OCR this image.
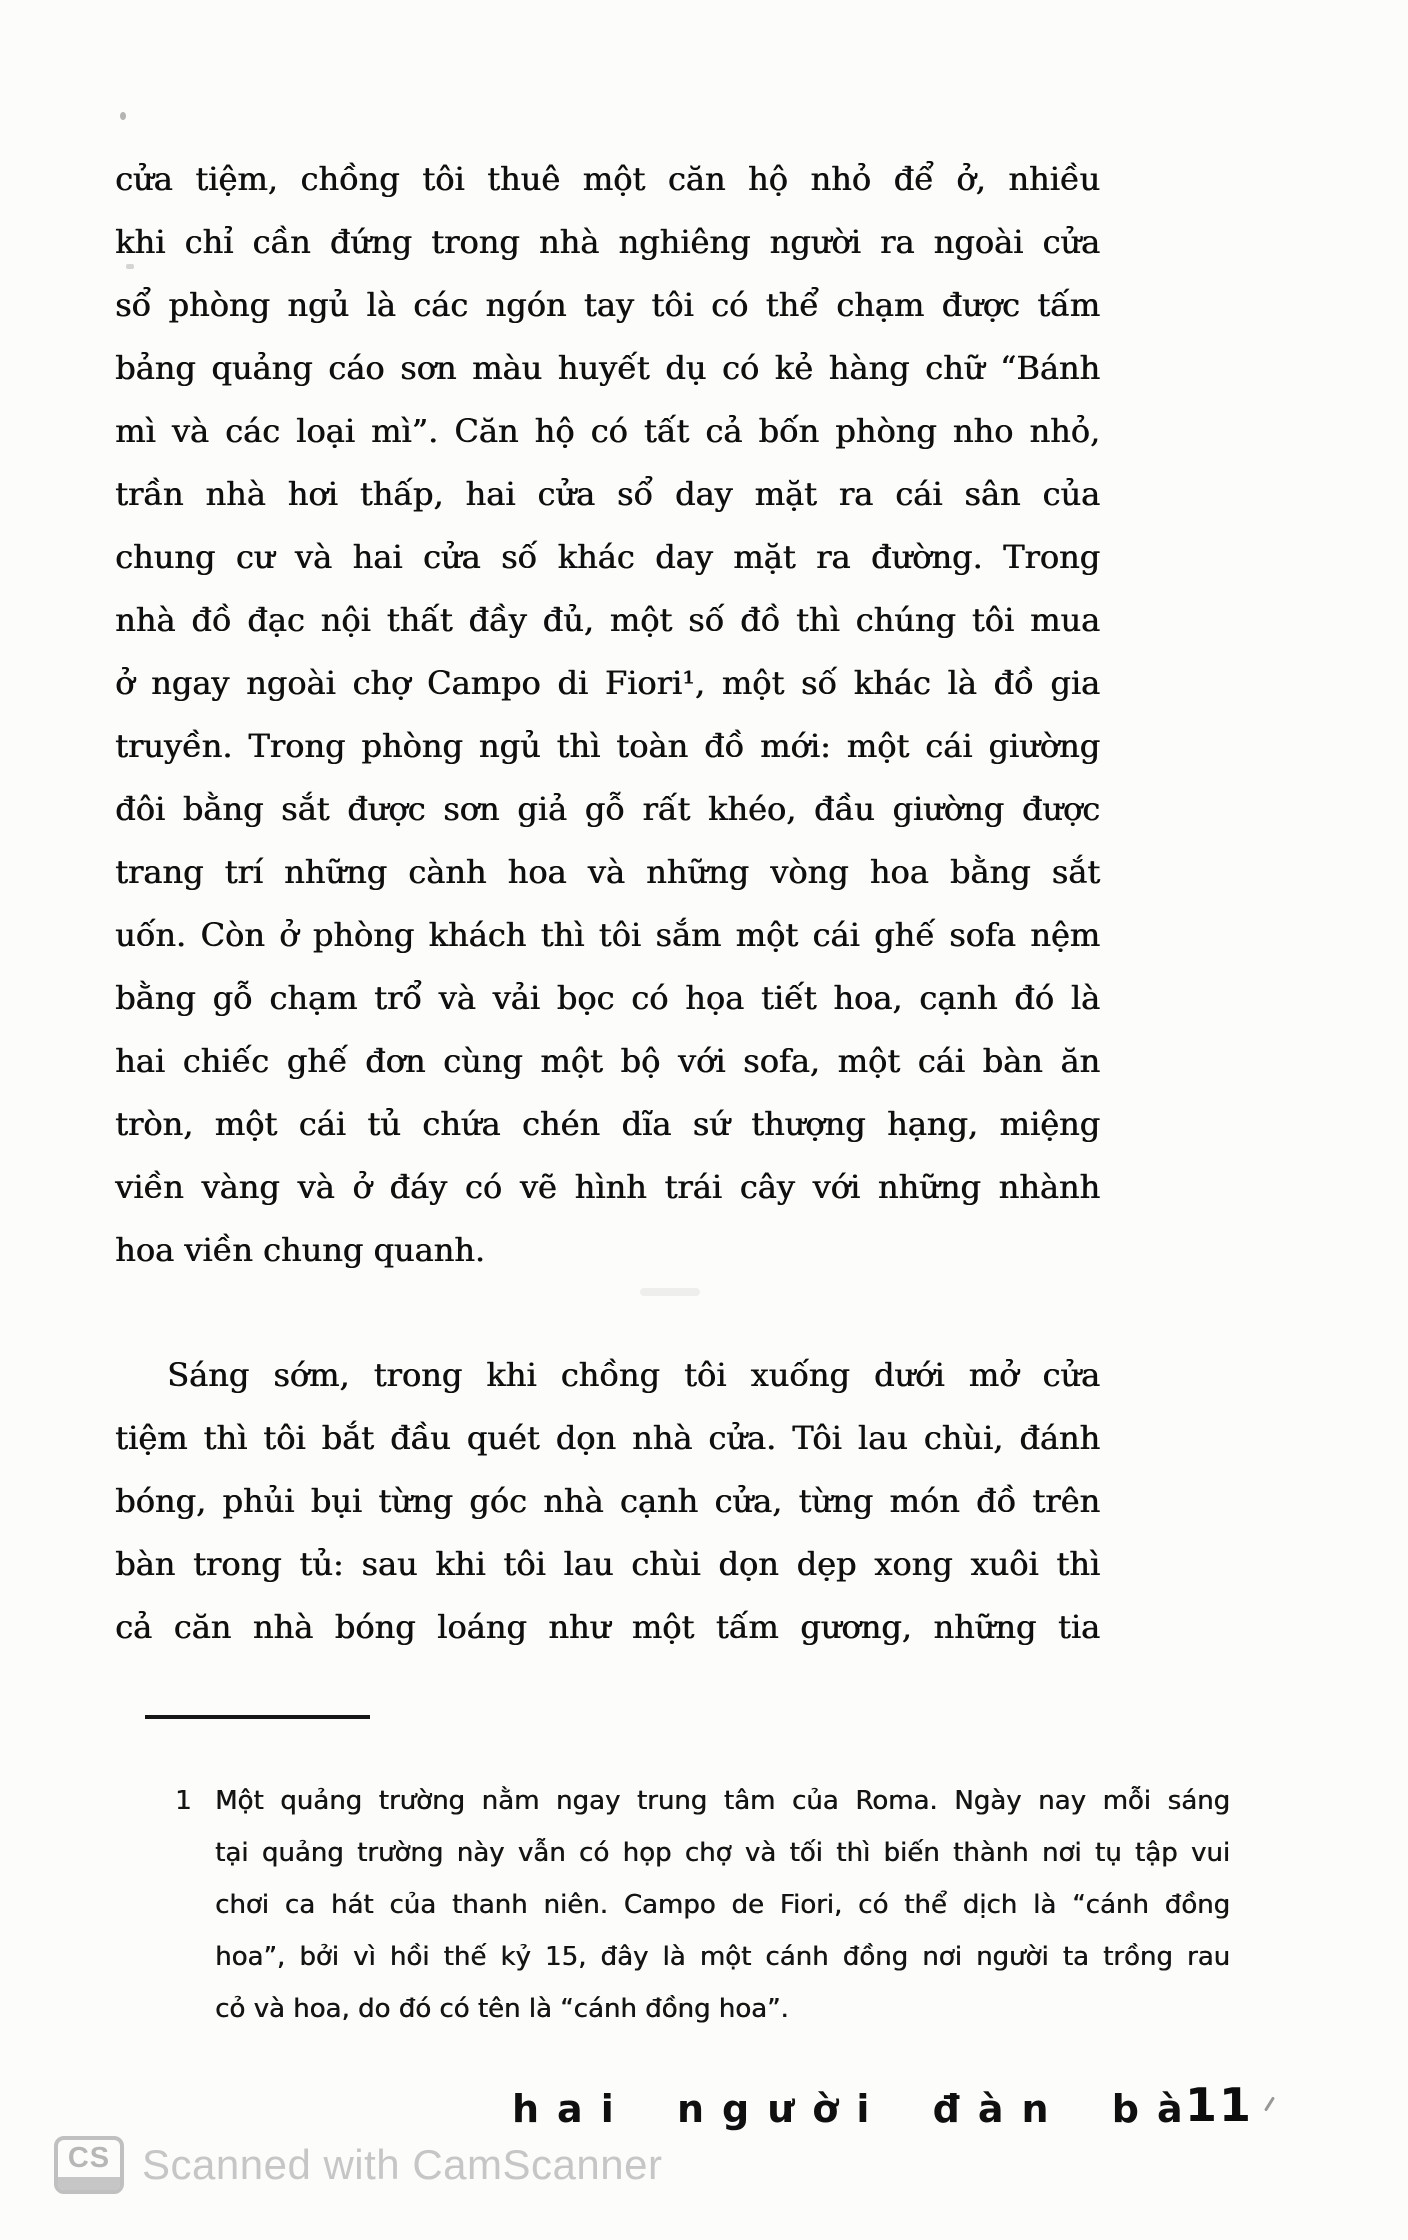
cửa tiệm, chồng tôi thuê một căn hộ nhỏ để ở, nhiều
khi chỉ cần đứng trong nhà nghiêng người ra ngoài cửa
sổ phòng ngủ là các ngón tay tôi có thể chạm được tấm
bảng quảng cáo sơn màu huyết dụ có kẻ hàng chữ “Bánh
mì và các loại mì”. Căn hộ có tất cả bốn phòng nho nhỏ,
trần nhà hơi thấp, hai cửa sổ day mặt ra cái sân của
chung cư và hai cửa số khác day mặt ra đường. Trong
nhà đồ đạc nội thất đầy đủ, một số đồ thì chúng tôi mua
ở ngay ngoài chợ Campo di Fiori¹, một số khác là đồ gia
truyền. Trong phòng ngủ thì toàn đồ mới: một cái giường
đôi bằng sắt được sơn giả gỗ rất khéo, đầu giường được
trang trí những cành hoa và những vòng hoa bằng sắt
uốn. Còn ở phòng khách thì tôi sắm một cái ghế sofa nệm
bằng gỗ chạm trổ và vải bọc có họa tiết hoa, cạnh đó là
hai chiếc ghế đơn cùng một bộ với sofa, một cái bàn ăn
tròn, một cái tủ chứa chén dĩa sứ thượng hạng, miệng
viền vàng và ở đáy có vẽ hình trái cây với những nhành
hoa viền chung quanh.
Sáng sớm, trong khi chồng tôi xuống dưới mở cửa
tiệm thì tôi bắt đầu quét dọn nhà cửa. Tôi lau chùi, đánh
bóng, phủi bụi từng góc nhà cạnh cửa, từng món đồ trên
bàn trong tủ: sau khi tôi lau chùi dọn dẹp xong xuôi thì
cả căn nhà bóng loáng như một tấm gương, những tia
1 Một quảng trường nằm ngay trung tâm của Roma. Ngày nay mỗi sáng
tại quảng trường này vẫn có họp chợ và tối thì biến thành nơi tụ tập vui
chơi ca hát của thanh niên. Campo de Fiori, có thể dịch là “cánh đồng
hoa”, bởi vì hồi thế kỷ 15, đây là một cánh đồng nơi người ta trồng rau
cỏ và hoa, do đó có tên là “cánh đồng hoa”.
hai người đàn bà
11
CS Scanned with CamScanner
